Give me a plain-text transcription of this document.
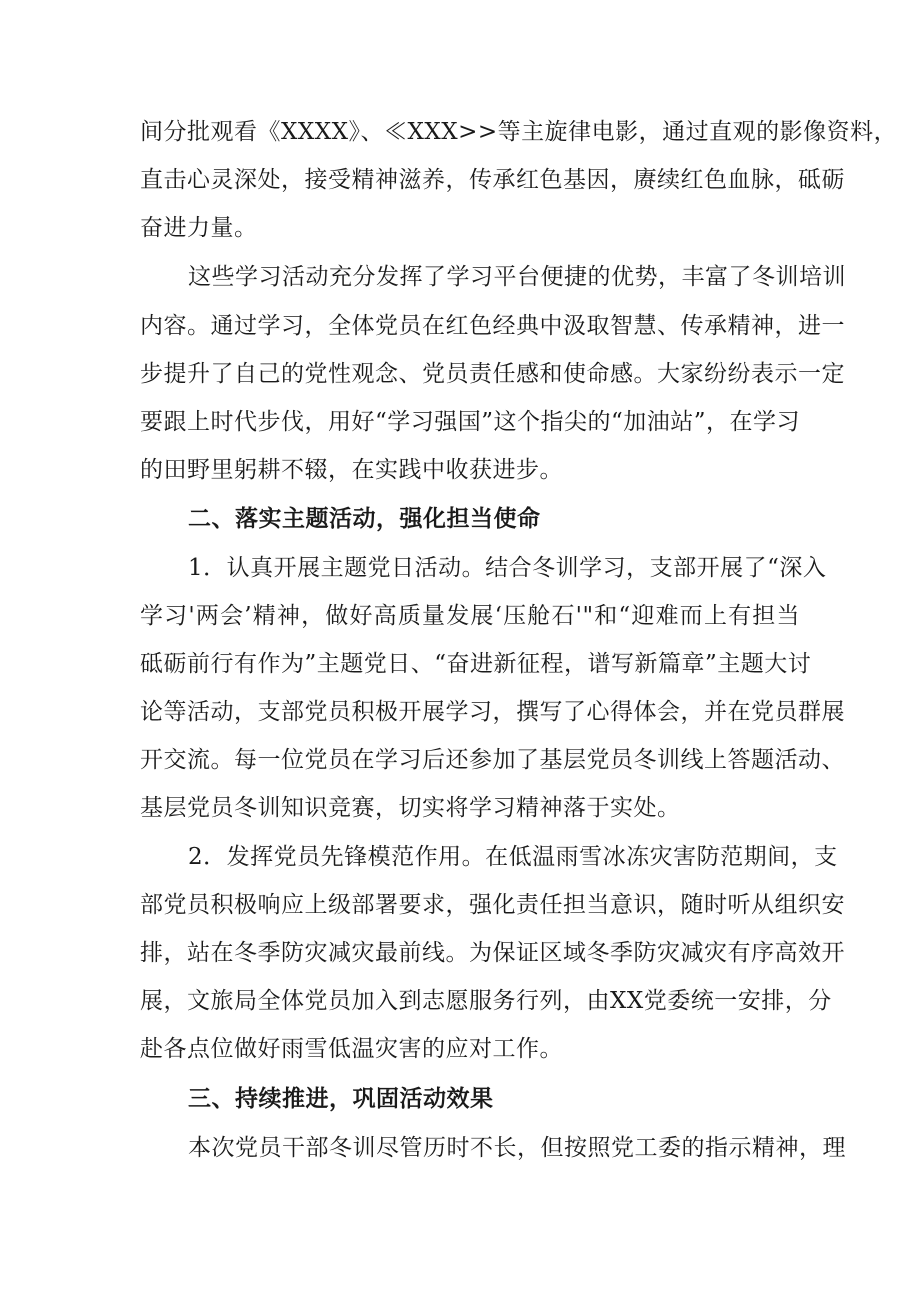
间分批观看《XXXX》、≪XXX>>等主旋律电影，通过直观的影像资料，
直击心灵深处，接受精神滋养，传承红色基因，赓续红色血脉，砥砺
奋进力量。
这些学习活动充分发挥了学习平台便捷的优势，丰富了冬训培训
内容。通过学习，全体党员在红色经典中汲取智慧、传承精神，进一
步提升了自己的党性观念、党员责任感和使命感。大家纷纷表示一定
要跟上时代步伐，用好“学习强国”这个指尖的“加油站”，在学习
的田野里躬耕不辍，在实践中收获进步。
二、落实主题活动，强化担当使命
1．认真开展主题党日活动。结合冬训学习，支部开展了“深入
学习'两会’精神，做好高质量发展‘压舱石'"和“迎难而上有担当
砥砺前行有作为”主题党日、“奋进新征程，谱写新篇章”主题大讨
论等活动，支部党员积极开展学习，撰写了心得体会，并在党员群展
开交流。每一位党员在学习后还参加了基层党员冬训线上答题活动、
基层党员冬训知识竞赛，切实将学习精神落于实处。
2．发挥党员先锋模范作用。在低温雨雪冰冻灾害防范期间，支
部党员积极响应上级部署要求，强化责任担当意识，随时听从组织安
排，站在冬季防灾减灾最前线。为保证区域冬季防灾减灾有序高效开
展，文旅局全体党员加入到志愿服务行列，由XX党委统一安排，分
赴各点位做好雨雪低温灾害的应对工作。
三、持续推进，巩固活动效果
本次党员干部冬训尽管历时不长，但按照党工委的指示精神，理
